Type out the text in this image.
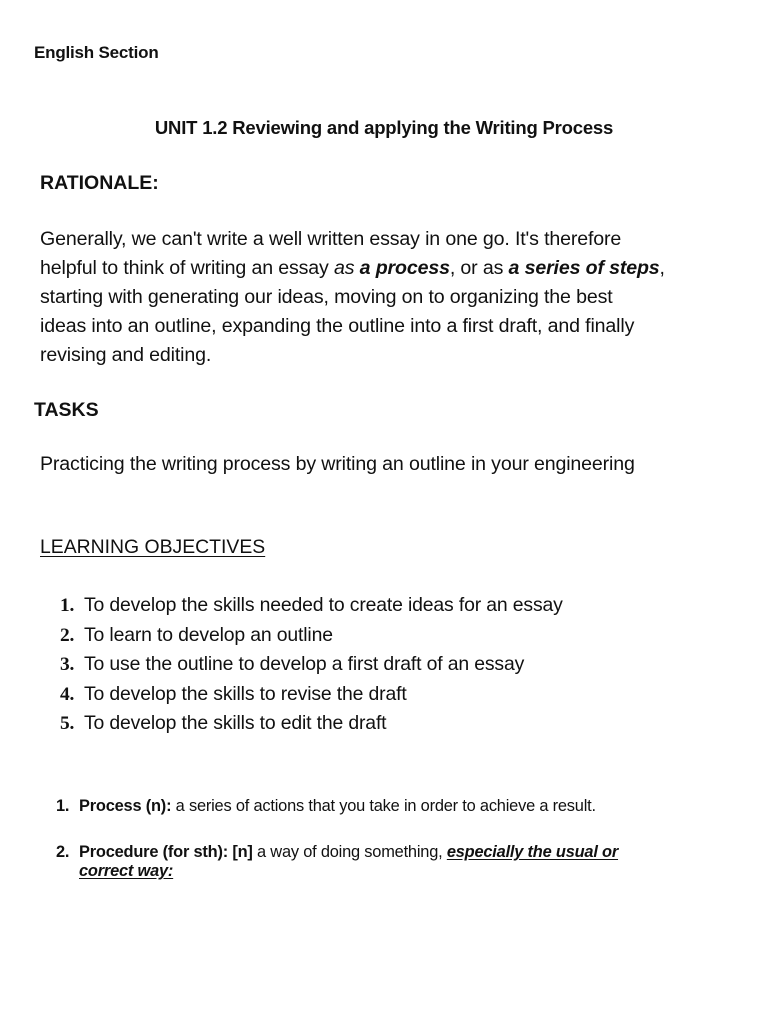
English Section
UNIT 1.2 Reviewing and applying the Writing Process
RATIONALE:
Generally, we can't write a well written essay in one go. It's therefore
helpful to think of writing an essay as a process, or as a series of steps,
starting with generating our ideas, moving on to organizing the best
ideas into an outline, expanding the outline into a first draft, and finally
revising and editing.
TASKS
Practicing the writing process by writing an outline in your engineering
LEARNING OBJECTIVES
1. To develop the skills needed to create ideas for an essay
2. To learn to develop an outline
3. To use the outline to develop a first draft of an essay
4. To develop the skills to revise the draft
5. To develop the skills to edit the draft
1. Process (n): a series of actions that you take in order to achieve a result.
2. Procedure (for sth): [n] a way of doing something, especially the usual or
correct way:
